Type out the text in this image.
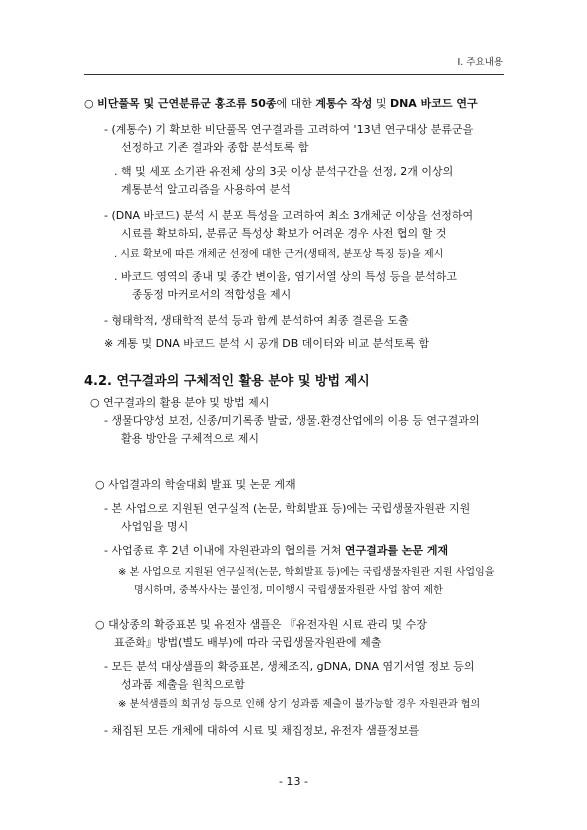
I. 주요내용
○ 비단풀목 및 근연분류군 홍조류 50종에 대한 계통수 작성 및 DNA 바코드 연구
- (계통수) 기 확보한 비단풀목 연구결과를 고려하여 '13년 연구대상 분류군을
선정하고 기존 결과와 종합 분석토록 함
. 핵 및 세포 소기관 유전체 상의 3곳 이상 분석구간을 선정, 2개 이상의
계통분석 알고리즘을 사용하여 분석
- (DNA 바코드) 분석 시 분포 특성을 고려하여 최소 3개체군 이상을 선정하여
시료를 확보하되, 분류군 특성상 확보가 어려운 경우 사전 협의 할 것
. 시료 확보에 따른 개체군 선정에 대한 근거(생태적, 분포상 특징 등)을 제시
. 바코드 영역의 종내 및 종간 변이율, 염기서열 상의 특성 등을 분석하고
종동정 마커로서의 적합성을 제시
- 형태학적, 생태학적 분석 등과 함께 분석하여 최종 결론을 도출
※ 계통 및 DNA 바코드 분석 시 공개 DB 데이터와 비교 분석토록 함
4.2. 연구결과의 구체적인 활용 분야 및 방법 제시
○ 연구결과의 활용 분야 및 방법 제시
- 생물다양성 보전, 신종/미기록종 발굴, 생물.환경산업에의 이용 등 연구결과의
활용 방안을 구체적으로 제시
○ 사업결과의 학술대회 발표 및 논문 게재
- 본 사업으로 지원된 연구실적 (논문, 학회발표 등)에는 국립생물자원관 지원
사업임을 명시
- 사업종료 후 2년 이내에 자원관과의 협의를 거쳐 연구결과를 논문 게재
※ 본 사업으로 지원된 연구실적(논문, 학회발표 등)에는 국립생물자원관 지원 사업임을
명시하며, 중복사사는 불인정, 미이행시 국립생물자원관 사업 참여 제한
○ 대상종의 확증표본 및 유전자 샘플은 『유전자원 시료 관리 및 수장
표준화』방법(별도 배부)에 따라 국립생물자원관에 제출
- 모든 분석 대상샘플의 확증표본, 생체조직, gDNA, DNA 염기서열 정보 등의
성과품 제출을 원칙으로함
※ 분석샘플의 희귀성 등으로 인해 상기 성과품 제출이 불가능할 경우 자원관과 협의
- 채집된 모든 개체에 대하여 시료 및 채집정보, 유전자 샘플정보를
- 13 -
